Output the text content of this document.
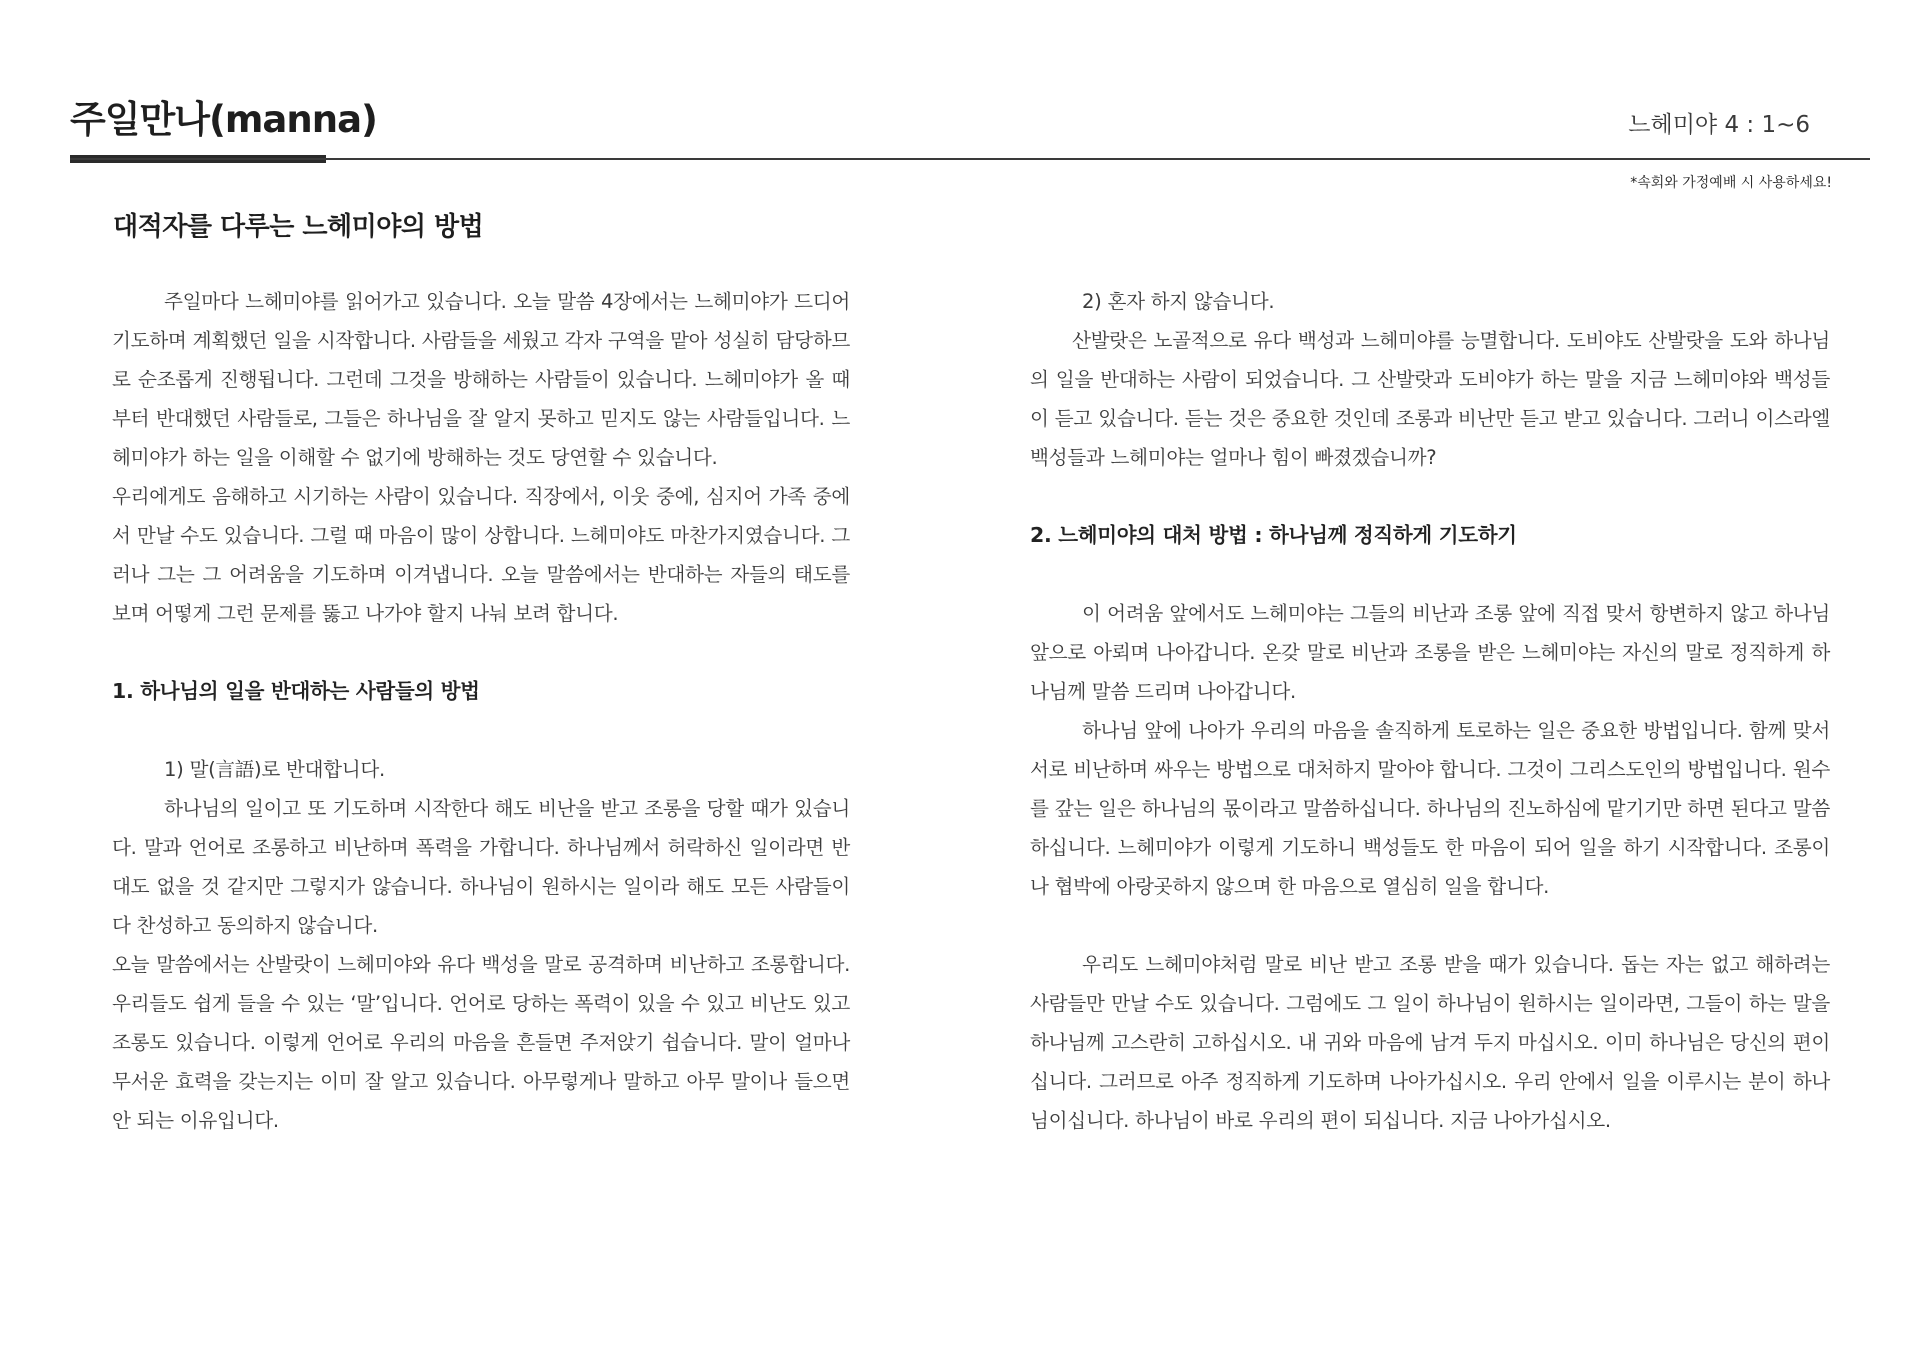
주일만나(manna)	느헤미야 4 : 1~6

*속회와 가정예배 시 사용하세요!

대적자를 다루는 느헤미야의 방법

주일마다 느헤미야를 읽어가고 있습니다. 오늘 말씀 4장에서는 느헤미야가 드디어 기도하며 계획했던 일을 시작합니다. 사람들을 세웠고 각자 구역을 맡아 성실히 담당하므로 순조롭게 진행됩니다. 그런데 그것을 방해하는 사람들이 있습니다. 느헤미야가 올 때부터 반대했던 사람들로, 그들은 하나님을 잘 알지 못하고 믿지도 않는 사람들입니다. 느헤미야가 하는 일을 이해할 수 없기에 방해하는 것도 당연할 수 있습니다.

우리에게도 음해하고 시기하는 사람이 있습니다. 직장에서, 이웃 중에, 심지어 가족 중에서 만날 수도 있습니다. 그럴 때 마음이 많이 상합니다. 느헤미야도 마찬가지였습니다. 그러나 그는 그 어려움을 기도하며 이겨냅니다. 오늘 말씀에서는 반대하는 자들의 태도를 보며 어떻게 그런 문제를 뚫고 나가야 할지 나눠 보려 합니다.

1. 하나님의 일을 반대하는 사람들의 방법

1) 말(言語)로 반대합니다.

하나님의 일이고 또 기도하며 시작한다 해도 비난을 받고 조롱을 당할 때가 있습니다. 말과 언어로 조롱하고 비난하며 폭력을 가합니다. 하나님께서 허락하신 일이라면 반대도 없을 것 같지만 그렇지가 않습니다. 하나님이 원하시는 일이라 해도 모든 사람들이 다 찬성하고 동의하지 않습니다.

오늘 말씀에서는 산발랏이 느헤미야와 유다 백성을 말로 공격하며 비난하고 조롱합니다. 우리들도 쉽게 들을 수 있는 ‘말’입니다. 언어로 당하는 폭력이 있을 수 있고 비난도 있고 조롱도 있습니다. 이렇게 언어로 우리의 마음을 흔들면 주저앉기 쉽습니다. 말이 얼마나 무서운 효력을 갖는지는 이미 잘 알고 있습니다. 아무렇게나 말하고 아무 말이나 들으면 안 되는 이유입니다.

2) 혼자 하지 않습니다.

산발랏은 노골적으로 유다 백성과 느헤미야를 능멸합니다. 도비야도 산발랏을 도와 하나님의 일을 반대하는 사람이 되었습니다. 그 산발랏과 도비야가 하는 말을 지금 느헤미야와 백성들이 듣고 있습니다. 듣는 것은 중요한 것인데 조롱과 비난만 듣고 받고 있습니다. 그러니 이스라엘 백성들과 느헤미야는 얼마나 힘이 빠졌겠습니까?

2. 느헤미야의 대처 방법 : 하나님께 정직하게 기도하기

이 어려움 앞에서도 느헤미야는 그들의 비난과 조롱 앞에 직접 맞서 항변하지 않고 하나님 앞으로 아뢰며 나아갑니다. 온갖 말로 비난과 조롱을 받은 느헤미야는 자신의 말로 정직하게 하나님께 말씀 드리며 나아갑니다.

하나님 앞에 나아가 우리의 마음을 솔직하게 토로하는 일은 중요한 방법입니다. 함께 맞서 서로 비난하며 싸우는 방법으로 대처하지 말아야 합니다. 그것이 그리스도인의 방법입니다. 원수를 갚는 일은 하나님의 몫이라고 말씀하십니다. 하나님의 진노하심에 맡기기만 하면 된다고 말씀하십니다. 느헤미야가 이렇게 기도하니 백성들도 한 마음이 되어 일을 하기 시작합니다. 조롱이나 협박에 아랑곳하지 않으며 한 마음으로 열심히 일을 합니다.

우리도 느헤미야처럼 말로 비난 받고 조롱 받을 때가 있습니다. 돕는 자는 없고 해하려는 사람들만 만날 수도 있습니다. 그럼에도 그 일이 하나님이 원하시는 일이라면, 그들이 하는 말을 하나님께 고스란히 고하십시오. 내 귀와 마음에 남겨 두지 마십시오. 이미 하나님은 당신의 편이십니다. 그러므로 아주 정직하게 기도하며 나아가십시오. 우리 안에서 일을 이루시는 분이 하나님이십니다. 하나님이 바로 우리의 편이 되십니다. 지금 나아가십시오.
